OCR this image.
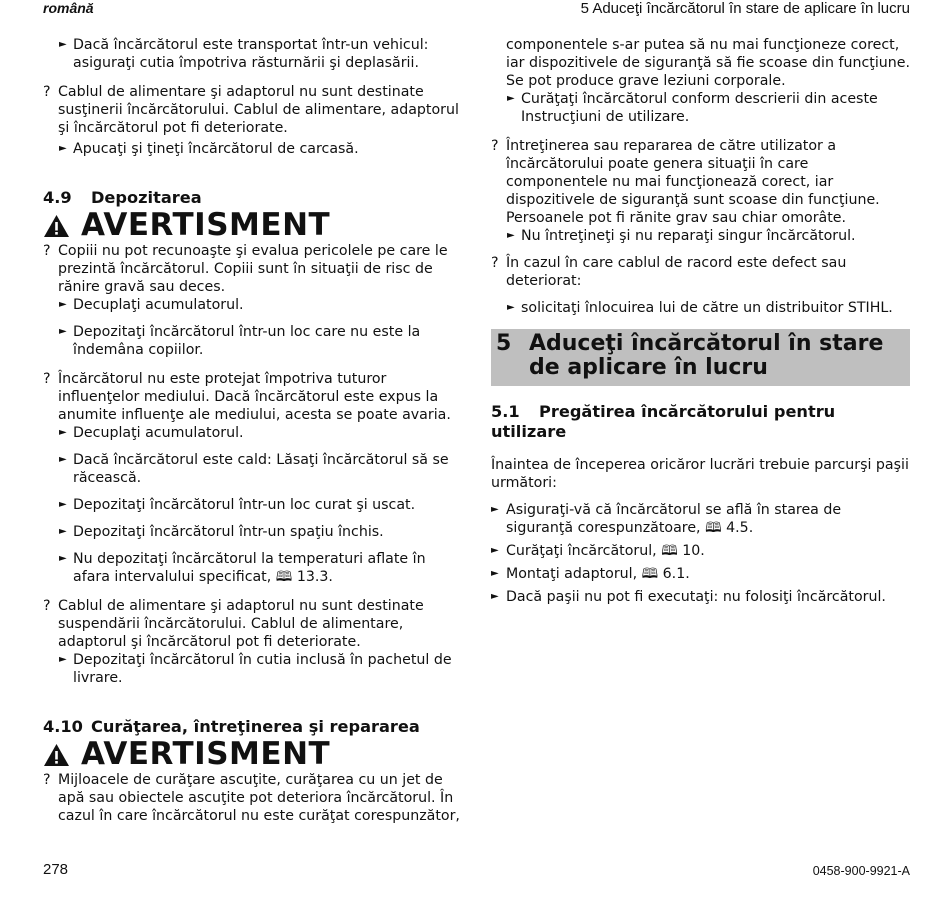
română	5 Aduceţi încărcătorul în stare de aplicare în lucru

► Dacă încărcătorul este transportat într-un vehicul: asiguraţi cutia împotriva răsturnării şi deplasării.

? Cablul de alimentare şi adaptorul nu sunt destinate susţinerii încărcătorului. Cablul de alimentare, adaptorul şi încărcătorul pot fi deteriorate.

► Apucaţi şi ţineţi încărcătorul de carcasă.

4.9 Depozitarea

AVERTISMENT

? Copiii nu pot recunoaşte şi evalua pericolele pe care le prezintă încărcătorul. Copiii sunt în situaţii de risc de rănire gravă sau deces.

► Decuplaţi acumulatorul.

► Depozitaţi încărcătorul într-un loc care nu este la îndemâna copiilor.

? Încărcătorul nu este protejat împotriva tuturor influenţelor mediului. Dacă încărcătorul este expus la anumite influenţe ale mediului, acesta se poate avaria.

► Decuplaţi acumulatorul.

► Dacă încărcătorul este cald: Lăsaţi încărcătorul să se răcească.

► Depozitaţi încărcătorul într-un loc curat şi uscat.

► Depozitaţi încărcătorul într-un spaţiu închis.

► Nu depozitaţi încărcătorul la temperaturi aflate în afara intervalului specificat, 🕮 13.3.

? Cablul de alimentare şi adaptorul nu sunt destinate suspendării încărcătorului. Cablul de alimentare, adaptorul şi încărcătorul pot fi deteriorate.

► Depozitaţi încărcătorul în cutia inclusă în pachetul de livrare.

4.10 Curăţarea, întreţinerea şi repararea

AVERTISMENT

? Mijloacele de curăţare ascuţite, curăţarea cu un jet de apă sau obiectele ascuţite pot deteriora încărcătorul. În cazul în care încărcătorul nu este curăţat corespunzător,

componentele s-ar putea să nu mai funcţioneze corect, iar dispozitivele de siguranţă să fie scoase din funcţiune. Se pot produce grave leziuni corporale.

► Curăţaţi încărcătorul conform descrierii din aceste Instrucţiuni de utilizare.

? Întreţinerea sau repararea de către utilizator a încărcătorului poate genera situaţii în care componentele nu mai funcţionează corect, iar dispozitivele de siguranţă sunt scoase din funcţiune. Persoanele pot fi rănite grav sau chiar omorâte.

► Nu întreţineţi şi nu reparaţi singur încărcătorul.

? În cazul în care cablul de racord este defect sau deteriorat:

► solicitaţi înlocuirea lui de către un distribuitor STIHL.

5 Aduceţi încărcătorul în stare de aplicare în lucru

5.1 Pregătirea încărcătorului pentru utilizare

Înaintea de începerea oricăror lucrări trebuie parcurşi paşii următori:

► Asiguraţi-vă că încărcătorul se află în starea de siguranţă corespunzătoare, 🕮 4.5.

► Curăţaţi încărcătorul, 🕮 10.

► Montaţi adaptorul, 🕮 6.1.

► Dacă paşii nu pot fi executaţi: nu folosiţi încărcătorul.

278	0458-900-9921-A
